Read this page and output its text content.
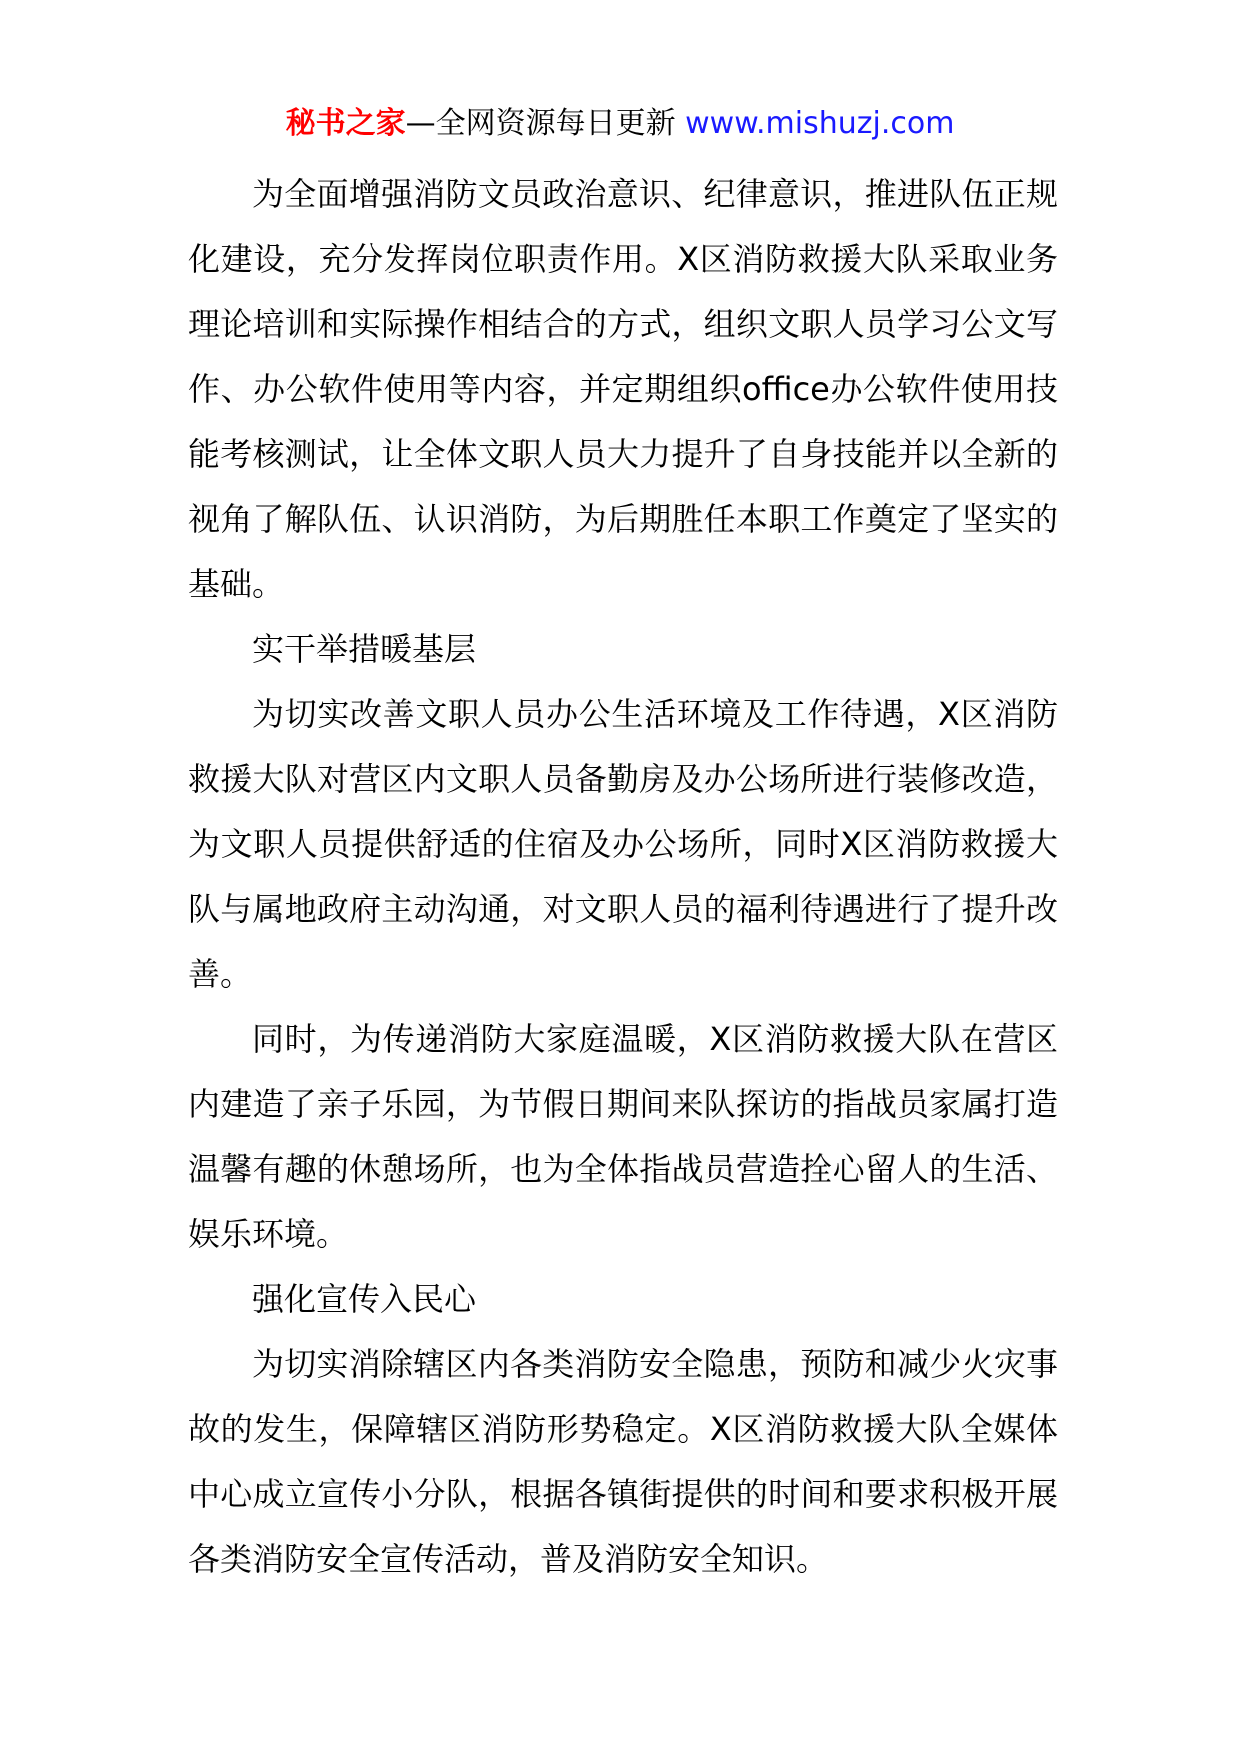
秘书之家—全网资源每日更新 www.mishuzj.com

为全面增强消防文员政治意识、纪律意识，推进队伍正规化建设，充分发挥岗位职责作用。X区消防救援大队采取业务理论培训和实际操作相结合的方式，组织文职人员学习公文写作、办公软件使用等内容，并定期组织office办公软件使用技能考核测试，让全体文职人员大力提升了自身技能并以全新的视角了解队伍、认识消防，为后期胜任本职工作奠定了坚实的基础。

实干举措暖基层

为切实改善文职人员办公生活环境及工作待遇，X区消防救援大队对营区内文职人员备勤房及办公场所进行装修改造，为文职人员提供舒适的住宿及办公场所，同时X区消防救援大队与属地政府主动沟通，对文职人员的福利待遇进行了提升改善。

同时，为传递消防大家庭温暖，X区消防救援大队在营区内建造了亲子乐园，为节假日期间来队探访的指战员家属打造温馨有趣的休憩场所，也为全体指战员营造拴心留人的生活、娱乐环境。

强化宣传入民心

为切实消除辖区内各类消防安全隐患，预防和减少火灾事故的发生，保障辖区消防形势稳定。X区消防救援大队全媒体中心成立宣传小分队，根据各镇街提供的时间和要求积极开展各类消防安全宣传活动，普及消防安全知识。
